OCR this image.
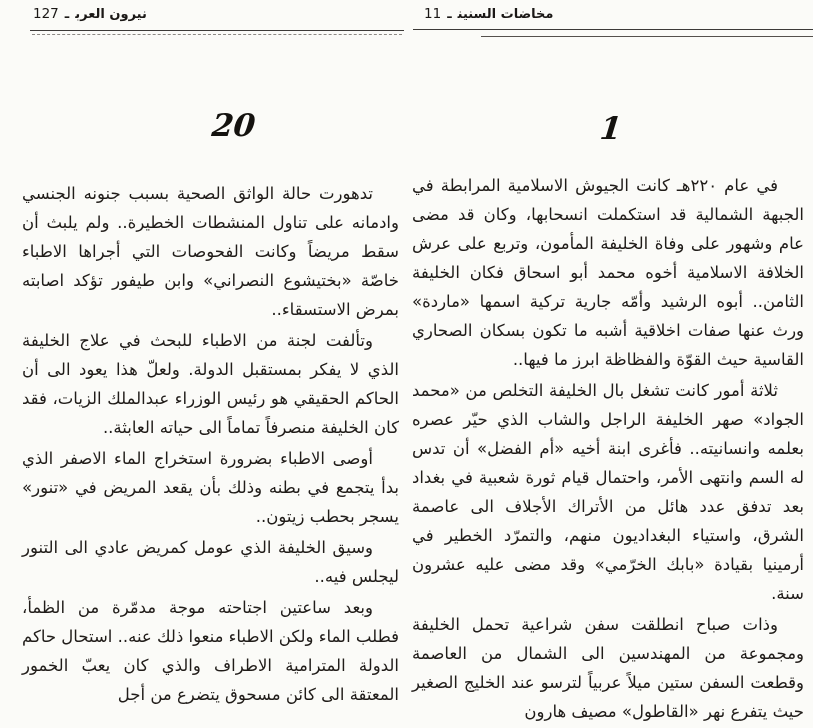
نيرون العربـ127
20

تدهورت حالة الواثق الصحية بسبب جنونه الجنسي وادمانه على تناول المنشطات الخطيرة.. ولم يلبث أن سقط مريضاً وكانت الفحوصات التي أجراها الاطباء خاصّة «بختيشوع النصراني» وابن طيفور تؤكد اصابته بمرض الاستسقاء..

وتألفت لجنة من الاطباء للبحث في علاج الخليفة الذي لا يفكر بمستقبل الدولة. ولعلّ هذا يعود الى أن الحاكم الحقيقي هو رئيس الوزراء عبدالملك الزيات، فقد كان الخليفة منصرفاً تماماً الى حياته العابثة..

أوصى الاطباء بضرورة استخراج الماء الاصفر الذي بدأ يتجمع في بطنه وذلك بأن يقعد المريض في «تنور» يسجر بحطب زيتون..

وسيق الخليفة الذي عومل كمريض عادي الى التنور ليجلس فيه..

وبعد ساعتين اجتاحته موجة مدمّرة من الظمأ، فطلب الماء ولكن الاطباء منعوا ذلك عنه.. استحال حاكم الدولة المترامية الاطراف والذي كان يعبّ الخمور المعتقة الى كائن مسحوق يتضرع من أجل

مخاضات السنينـ11
1

في عام ٢٢٠هـ كانت الجيوش الاسلامية المرابطة في الجبهة الشمالية قد استكملت انسحابها، وكان قد مضى عام وشهور على وفاة الخليفة المأمون، وتربع على عرش الخلافة الاسلامية أخوه محمد أبو اسحاق فكان الخليفة الثامن.. أبوه الرشيد وأمّه جارية تركية اسمها «ماردة» ورث عنها صفات اخلاقية أشبه ما تكون بسكان الصحاري القاسية حيث القوّة والفظاظة ابرز ما فيها..

ثلاثة أمور كانت تشغل بال الخليفة التخلص من «محمد الجواد» صهر الخليفة الراجل والشاب الذي حيّر عصره بعلمه وانسانيته.. فأغرى ابنة أخيه «أم الفضل» أن تدس له السم وانتهى الأمر، واحتمال قيام ثورة شعبية في بغداد بعد تدفق عدد هائل من الأتراك الأجلاف الى عاصمة الشرق، واستياء البغداديون منهم، والتمرّد الخطير في أرمينيا بقيادة «بابك الخرّمي» وقد مضى عليه عشرون سنة.

وذات صباح انطلقت سفن شراعية تحمل الخليفة ومجموعة من المهندسين الى الشمال من العاصمة وقطعت السفن ستين ميلاً عربياً لترسو عند الخليج الصغير حيث يتفرع نهر «القاطول» مصيف هارون
